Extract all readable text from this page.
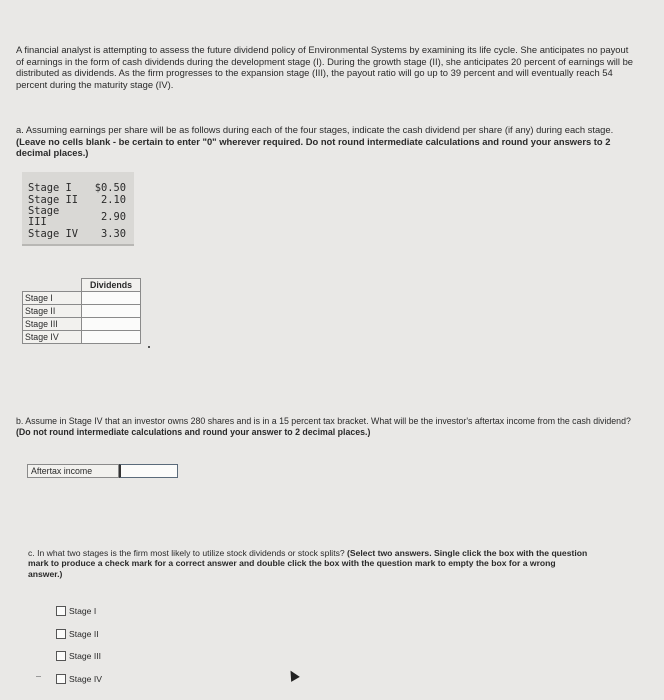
A financial analyst is attempting to assess the future dividend policy of Environmental Systems by examining its life cycle. She anticipates no payout of earnings in the form of cash dividends during the development stage (I). During the growth stage (II), she anticipates 20 percent of earnings will be distributed as dividends. As the firm progresses to the expansion stage (III), the payout ratio will go up to 39 percent and will eventually reach 54 percent during the maturity stage (IV).
a. Assuming earnings per share will be as follows during each of the four stages, indicate the cash dividend per share (if any) during each stage. (Leave no cells blank - be certain to enter "0" wherever required. Do not round intermediate calculations and round your answers to 2 decimal places.)
Stage I	$0.50
Stage II	2.10
Stage III	2.90
Stage IV	3.30
	Dividends
Stage I	
Stage II	
Stage III	
Stage IV	
b. Assume in Stage IV that an investor owns 280 shares and is in a 15 percent tax bracket. What will be the investor's aftertax income from the cash dividend? (Do not round intermediate calculations and round your answer to 2 decimal places.)
Aftertax income
c. In what two stages is the firm most likely to utilize stock dividends or stock splits? (Select two answers. Single click the box with the question mark to produce a check mark for a correct answer and double click the box with the question mark to empty the box for a wrong answer.)
Stage I
Stage II
Stage III
Stage IV
